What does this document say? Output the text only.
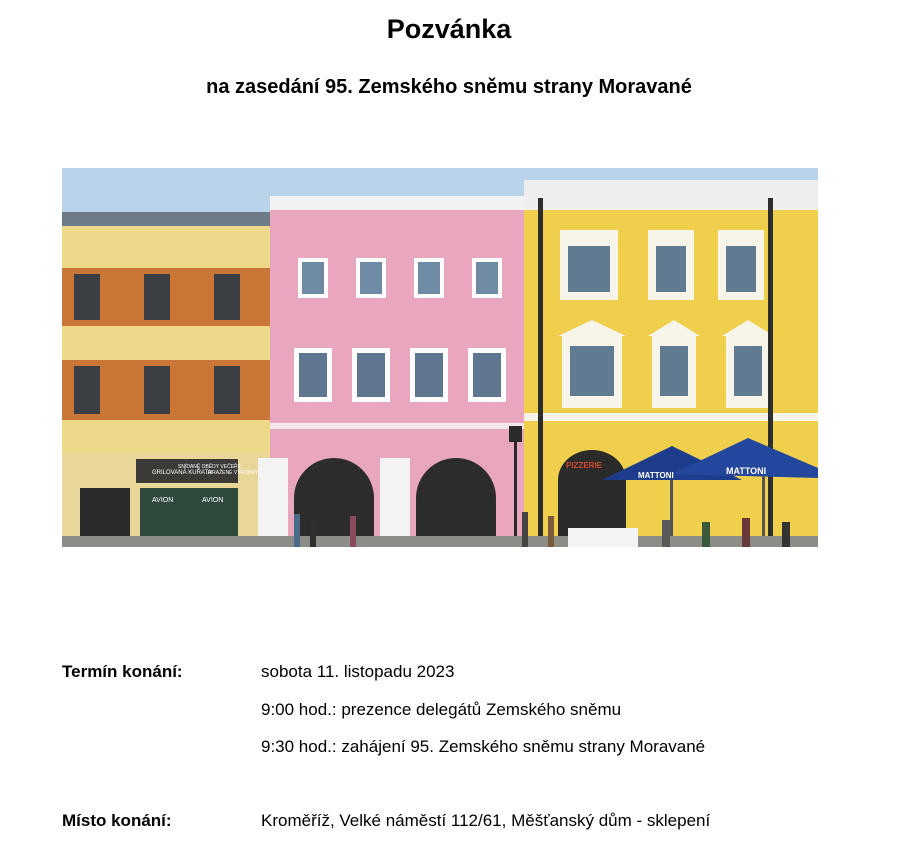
Pozvánka
na zasedání 95. Zemského sněmu strany Moravané
GRILOVANÁ KUŘATA
SNÍDANĚ OBĚDY VEČEŘE
MRAŽENÉ VÝROBKY
AVION	AVION
PIZZERIE
MATTONI
MATTONI
Termín konání:	sobota 11. listopadu 2023
9:00 hod.: prezence delegátů Zemského sněmu
9:30 hod.: zahájení 95. Zemského sněmu strany Moravané
Místo konání:	Kroměříž, Velké náměstí 112/61, Měšťanský dům - sklepení
